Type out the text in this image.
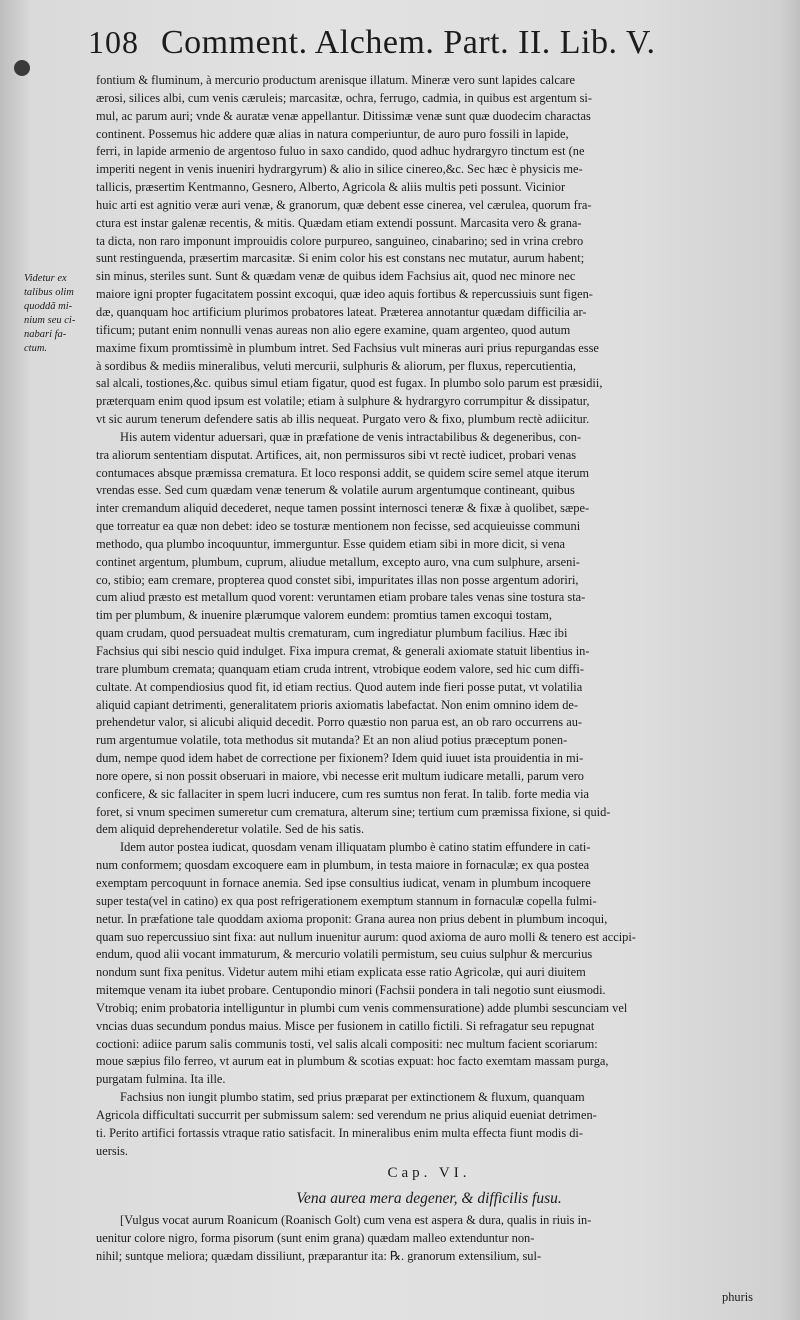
108 Comment. Alchem. Part. II. Lib. V.
Videtur ex
talibus olim
quoddã mi-
nium seu ci-
nabari fa-
ctum.
fontium & fluminum, à mercurio productum arenisque illatum. Mineræ vero sunt lapides calcare
ærosi, silices albi, cum venis cæruleis; marcasitæ, ochra, ferrugo, cadmia, in quibus est argentum si-
mul, ac parum auri; vnde & auratæ venæ appellantur. Ditissimæ venæ sunt quæ duodecim charactas
continent. Possemus hic addere quæ alias in natura comperiuntur, de auro puro fossili in lapide,
ferri, in lapide armenio de argentoso fuluo in saxo candido, quod adhuc hydrargyro tinctum est (ne
imperiti negent in venis inueniri hydrargyrum) & alio in silice cinereo,&c. Sec hæc è physicis me-
tallicis, præsertim Kentmanno, Gesnero, Alberto, Agricola & aliis multis peti possunt. Vicinior
huic arti est agnitio veræ auri venæ, & granorum, quæ debent esse cinerea, vel cærulea, quorum fra-
ctura est instar galenæ recentis, & mitis. Quædam etiam extendi possunt. Marcasita vero & grana-
ta dicta, non raro imponunt improuidis colore purpureo, sanguineo, cinabarino; sed in vrina crebro
sunt restinguenda, præsertim marcasitæ. Si enim color his est constans nec mutatur, aurum habent;
sin minus, steriles sunt. Sunt & quædam venæ de quibus idem Fachsius ait, quod nec minore nec
maiore igni propter fugacitatem possint excoqui, quæ ideo aquis fortibus & repercussiuis sunt figen-
dæ, quanquam hoc artificium plurimos probatores lateat. Præterea annotantur quædam difficilia ar-
tificum; putant enim nonnulli venas aureas non alio egere examine, quam argenteo, quod autum
maxime fixum promtissimè in plumbum intret. Sed Fachsius vult mineras auri prius repurgandas esse
à sordibus & mediis mineralibus, veluti mercurii, sulphuris & aliorum, per fluxus, repercutientia,
sal alcali, tostiones,&c. quibus simul etiam figatur, quod est fugax. In plumbo solo parum est præsidii,
præterquam enim quod ipsum est volatile; etiam à sulphure & hydrargyro corrumpitur & dissipatur,
vt sic aurum tenerum defendere satis ab illis nequeat. Purgato vero & fixo, plumbum rectè adiicitur.
His autem videntur aduersari, quæ in præfatione de venis intractabilibus & degeneribus, con-
tra aliorum sententiam disputat. Artifices, ait, non permissuros sibi vt rectè iudicet, probari venas
contumaces absque præmissa crematura. Et loco responsi addit, se quidem scire semel atque iterum
vrendas esse. Sed cum quædam venæ tenerum & volatile aurum argentumque contineant, quibus
inter cremandum aliquid decederet, neque tamen possint internosci teneræ & fixæ à quolibet, sæpe-
que torreatur ea quæ non debet: ideo se tosturæ mentionem non fecisse, sed acquieuisse communi
methodo, qua plumbo incoquuntur, immerguntur. Esse quidem etiam sibi in more dicit, si vena
continet argentum, plumbum, cuprum, aliudue metallum, excepto auro, vna cum sulphure, arseni-
co, stibio; eam cremare, propterea quod constet sibi, impuritates illas non posse argentum adoriri,
cum aliud præsto est metallum quod vorent: veruntamen etiam probare tales venas sine tostura sta-
tim per plumbum, & inuenire plærumque valorem eundem: promtius tamen excoqui tostam,
quam crudam, quod persuadeat multis crematuram, cum ingrediatur plumbum facilius. Hæc ibi
Fachsius qui sibi nescio quid indulget. Fixa impura cremat, & generali axiomate statuit libentius in-
trare plumbum cremata; quanquam etiam cruda intrent, vtrobique eodem valore, sed hic cum diffi-
cultate. At compendiosius quod fit, id etiam rectius. Quod autem inde fieri posse putat, vt volatilia
aliquid capiant detrimenti, generalitatem prioris axiomatis labefactat. Non enim omnino idem de-
prehendetur valor, si alicubi aliquid decedit. Porro quæstio non parua est, an ob raro occurrens au-
rum argentumue volatile, tota methodus sit mutanda? Et an non aliud potius præceptum ponen-
dum, nempe quod idem habet de correctione per fixionem? Idem quid iuuet ista prouidentia in mi-
nore opere, si non possit obseruari in maiore, vbi necesse erit multum iudicare metalli, parum vero
conficere, & sic fallaciter in spem lucri inducere, cum res sumtus non ferat. In talib. forte media via
foret, si vnum specimen sumeretur cum crematura, alterum sine; tertium cum præmissa fixione, si quid-
dem aliquid deprehenderetur volatile. Sed de his satis.
Idem autor postea iudicat, quosdam venam illiquatam plumbo è catino statim effundere in cati-
num conformem; quosdam excoquere eam in plumbum, in testa maiore in fornaculæ; ex qua postea
exemptam percoquunt in fornace anemia. Sed ipse consultius iudicat, venam in plumbum incoquere
super testa(vel in catino) ex qua post refrigerationem exemptum stannum in fornaculæ copella fulmi-
netur. In præfatione tale quoddam axioma proponit: Grana aurea non prius debent in plumbum incoqui,
quam suo repercussiuo sint fixa: aut nullum inuenitur aurum: quod axioma de auro molli & tenero est accipi-
endum, quod alii vocant immaturum, & mercurio volatili permistum, seu cuius sulphur & mercurius
nondum sunt fixa penitus. Videtur autem mihi etiam explicata esse ratio Agricolæ, qui auri diuitem
mitemque venam ita iubet probare. Centupondio minori (Fachsii pondera in tali negotio sunt eiusmodi.
Vtrobiq; enim probatoria intelliguntur in plumbi cum venis commensuratione) adde plumbi sescunciam vel
vncias duas secundum pondus maius. Misce per fusionem in catillo fictili. Si refragatur seu repugnat
coctioni: adiice parum salis communis tosti, vel salis alcali compositi: nec multum facient scoriarum:
moue sæpius filo ferreo, vt aurum eat in plumbum & scotias expuat: hoc facto exemtam massam purga,
purgatam fulmina. Ita ille.
Fachsius non iungit plumbo statim, sed prius præparat per extinctionem & fluxum, quanquam
Agricola difficultati succurrit per submissum salem: sed verendum ne prius aliquid eueniat detrimen-
ti. Perito artifici fortassis vtraque ratio satisfacit. In mineralibus enim multa effecta fiunt modis di-
uersis.
Cap. VI.
Vena aurea mera degener, & difficilis fusu.
[Vulgus vocat aurum Roanicum (Roanisch Golt) cum vena est aspera & dura, qualis in riuis in-
uenitur colore nigro, forma pisorum (sunt enim grana) quædam malleo extenduntur non-
nihil; suntque meliora; quædam dissiliunt, præparantur ita: ℞. granorum extensilium, sul-
phuris
